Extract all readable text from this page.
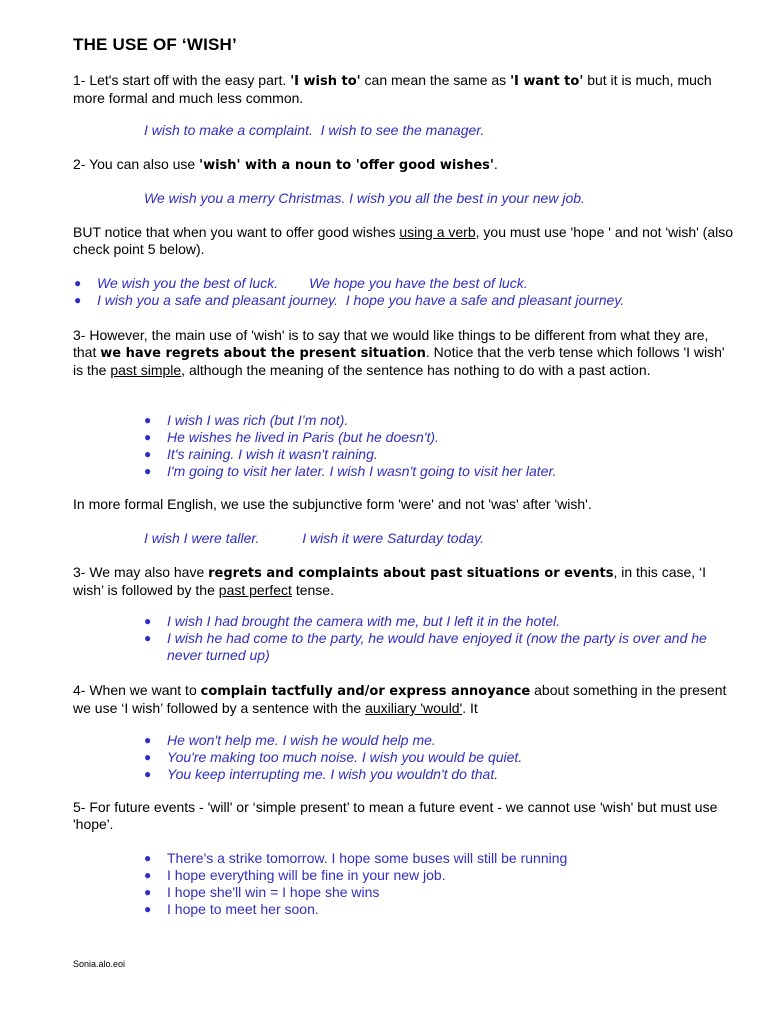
THE USE OF ‘WISH’

1- Let's start off with the easy part. 'I wish to' can mean the same as 'I want to' but it is much, much more formal and much less common.

I wish to make a complaint.  I wish to see the manager.

2- You can also use 'wish' with a noun to 'offer good wishes'.

We wish you a merry Christmas. I wish you all the best in your new job.

BUT notice that when you want to offer good wishes using a verb, you must use 'hope ' and not 'wish' (also check point 5 below).

● We wish you the best of luck.        We hope you have the best of luck.
● I wish you a safe and pleasant journey.  I hope you have a safe and pleasant journey.

3- However, the main use of 'wish' is to say that we would like things to be different from what they are, that we have regrets about the present situation. Notice that the verb tense which follows 'I wish' is the past simple, although the meaning of the sentence has nothing to do with a past action.

● I wish I was rich (but I’m not).
● He wishes he lived in Paris (but he doesn't).
● It's raining. I wish it wasn't raining.
● I'm going to visit her later. I wish I wasn't going to visit her later.

In more formal English, we use the subjunctive form 'were' and not 'was' after 'wish'.

I wish I were taller.           I wish it were Saturday today.

3- We may also have regrets and complaints about past situations or events, in this case, ‘I wish’ is followed by the past perfect tense.

● I wish I had brought the camera with me, but I left it in the hotel.
● I wish he had come to the party, he would have enjoyed it (now the party is over and he never turned up)

4- When we want to complain tactfully and/or express annoyance about something in the present we use ‘I wish’ followed by a sentence with the auxiliary 'would'. It

● He won't help me. I wish he would help me.
● You're making too much noise. I wish you would be quiet.
● You keep interrupting me. I wish you wouldn't do that.

5- For future events - 'will' or ‘simple present’ to mean a future event - we cannot use 'wish' but must use 'hope'.

● There's a strike tomorrow. I hope some buses will still be running
● I hope everything will be fine in your new job.
● I hope she'll win = I hope she wins
● I hope to meet her soon.

Sonia.alo.eoi
